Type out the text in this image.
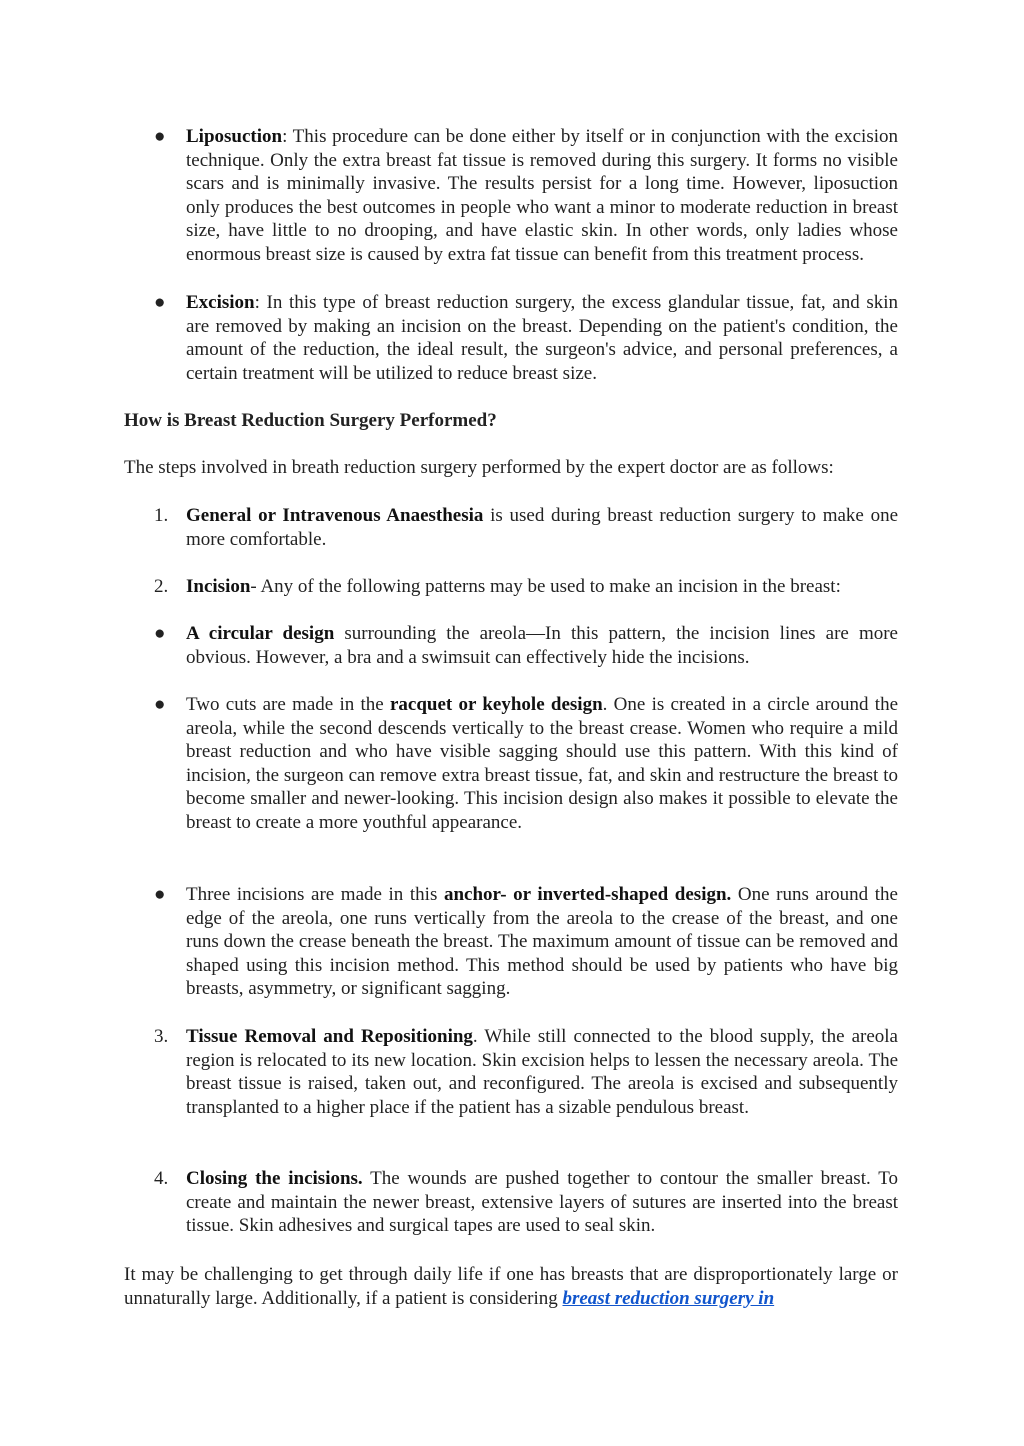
●	Liposuction: This procedure can be done either by itself or in conjunction with the excision technique. Only the extra breast fat tissue is removed during this surgery. It forms no visible scars and is minimally invasive. The results persist for a long time. However, liposuction only produces the best outcomes in people who want a minor to moderate reduction in breast size, have little to no drooping, and have elastic skin. In other words, only ladies whose enormous breast size is caused by extra fat tissue can benefit from this treatment process.
●	Excision: In this type of breast reduction surgery, the excess glandular tissue, fat, and skin are removed by making an incision on the breast. Depending on the patient's condition, the amount of the reduction, the ideal result, the surgeon's advice, and personal preferences, a certain treatment will be utilized to reduce breast size.
How is Breast Reduction Surgery Performed?
The steps involved in breath reduction surgery performed by the expert doctor are as follows:
1. General or Intravenous Anaesthesia is used during breast reduction surgery to make one more comfortable.
2. Incision- Any of the following patterns may be used to make an incision in the breast:
●	A circular design surrounding the areola—In this pattern, the incision lines are more obvious. However, a bra and a swimsuit can effectively hide the incisions.
●	Two cuts are made in the racquet or keyhole design. One is created in a circle around the areola, while the second descends vertically to the breast crease. Women who require a mild breast reduction and who have visible sagging should use this pattern. With this kind of incision, the surgeon can remove extra breast tissue, fat, and skin and restructure the breast to become smaller and newer-looking. This incision design also makes it possible to elevate the breast to create a more youthful appearance.
●	Three incisions are made in this anchor- or inverted-shaped design. One runs around the edge of the areola, one runs vertically from the areola to the crease of the breast, and one runs down the crease beneath the breast. The maximum amount of tissue can be removed and shaped using this incision method. This method should be used by patients who have big breasts, asymmetry, or significant sagging.
3. Tissue Removal and Repositioning. While still connected to the blood supply, the areola region is relocated to its new location. Skin excision helps to lessen the necessary areola. The breast tissue is raised, taken out, and reconfigured. The areola is excised and subsequently transplanted to a higher place if the patient has a sizable pendulous breast.
4. Closing the incisions. The wounds are pushed together to contour the smaller breast. To create and maintain the newer breast, extensive layers of sutures are inserted into the breast tissue. Skin adhesives and surgical tapes are used to seal skin.
It may be challenging to get through daily life if one has breasts that are disproportionately large or unnaturally large. Additionally, if a patient is considering breast reduction surgery in
